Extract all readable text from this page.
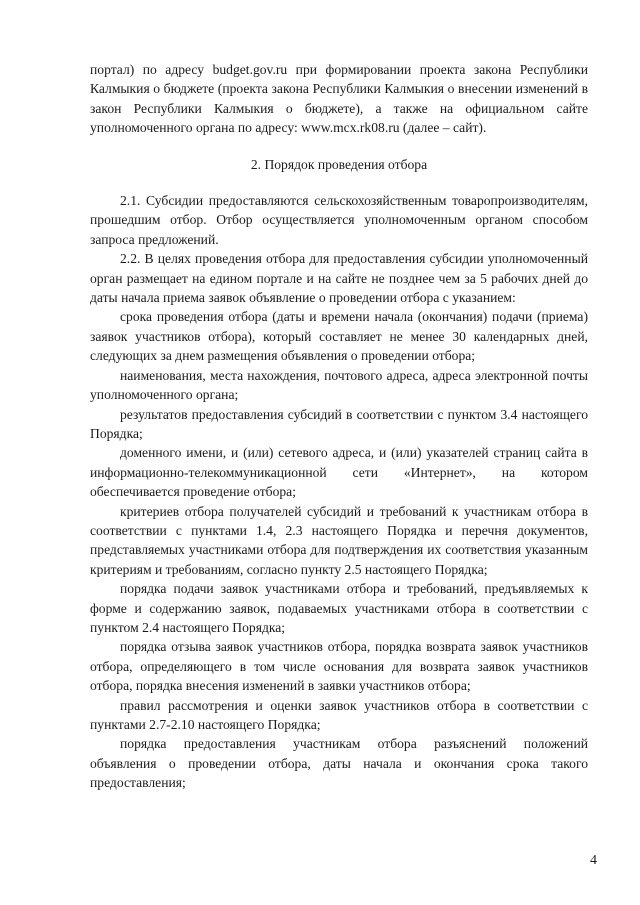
портал) по адресу budget.gov.ru при формировании проекта закона Республики Калмыкия о бюджете (проекта закона Республики Калмыкия о внесении изменений в закон Республики Калмыкия о бюджете), а также на официальном сайте уполномоченного органа по адресу: www.mcx.rk08.ru (далее – сайт).

2. Порядок проведения отбора

2.1. Субсидии предоставляются сельскохозяйственным товаропроизводителям, прошедшим отбор. Отбор осуществляется уполномоченным органом способом запроса предложений.

2.2. В целях проведения отбора для предоставления субсидии уполномоченный орган размещает на едином портале и на сайте не позднее чем за 5 рабочих дней до даты начала приема заявок объявление о проведении отбора с указанием:

срока проведения отбора (даты и времени начала (окончания) подачи (приема) заявок участников отбора), который составляет не менее 30 календарных дней, следующих за днем размещения объявления о проведении отбора;

наименования, места нахождения, почтового адреса, адреса электронной почты уполномоченного органа;

результатов предоставления субсидий в соответствии с пунктом 3.4 настоящего Порядка;

доменного имени, и (или) сетевого адреса, и (или) указателей страниц сайта в информационно-телекоммуникационной сети «Интернет», на котором обеспечивается проведение отбора;

критериев отбора получателей субсидий и требований к участникам отбора в соответствии с пунктами 1.4, 2.3 настоящего Порядка и перечня документов, представляемых участниками отбора для подтверждения их соответствия указанным критериям и требованиям, согласно пункту 2.5 настоящего Порядка;

порядка подачи заявок участниками отбора и требований, предъявляемых к форме и содержанию заявок, подаваемых участниками отбора в соответствии с пунктом 2.4 настоящего Порядка;

порядка отзыва заявок участников отбора, порядка возврата заявок участников отбора, определяющего в том числе основания для возврата заявок участников отбора, порядка внесения изменений в заявки участников отбора;

правил рассмотрения и оценки заявок участников отбора в соответствии с пунктами 2.7-2.10 настоящего Порядка;

порядка предоставления участникам отбора разъяснений положений объявления о проведении отбора, даты начала и окончания срока такого предоставления;

4
